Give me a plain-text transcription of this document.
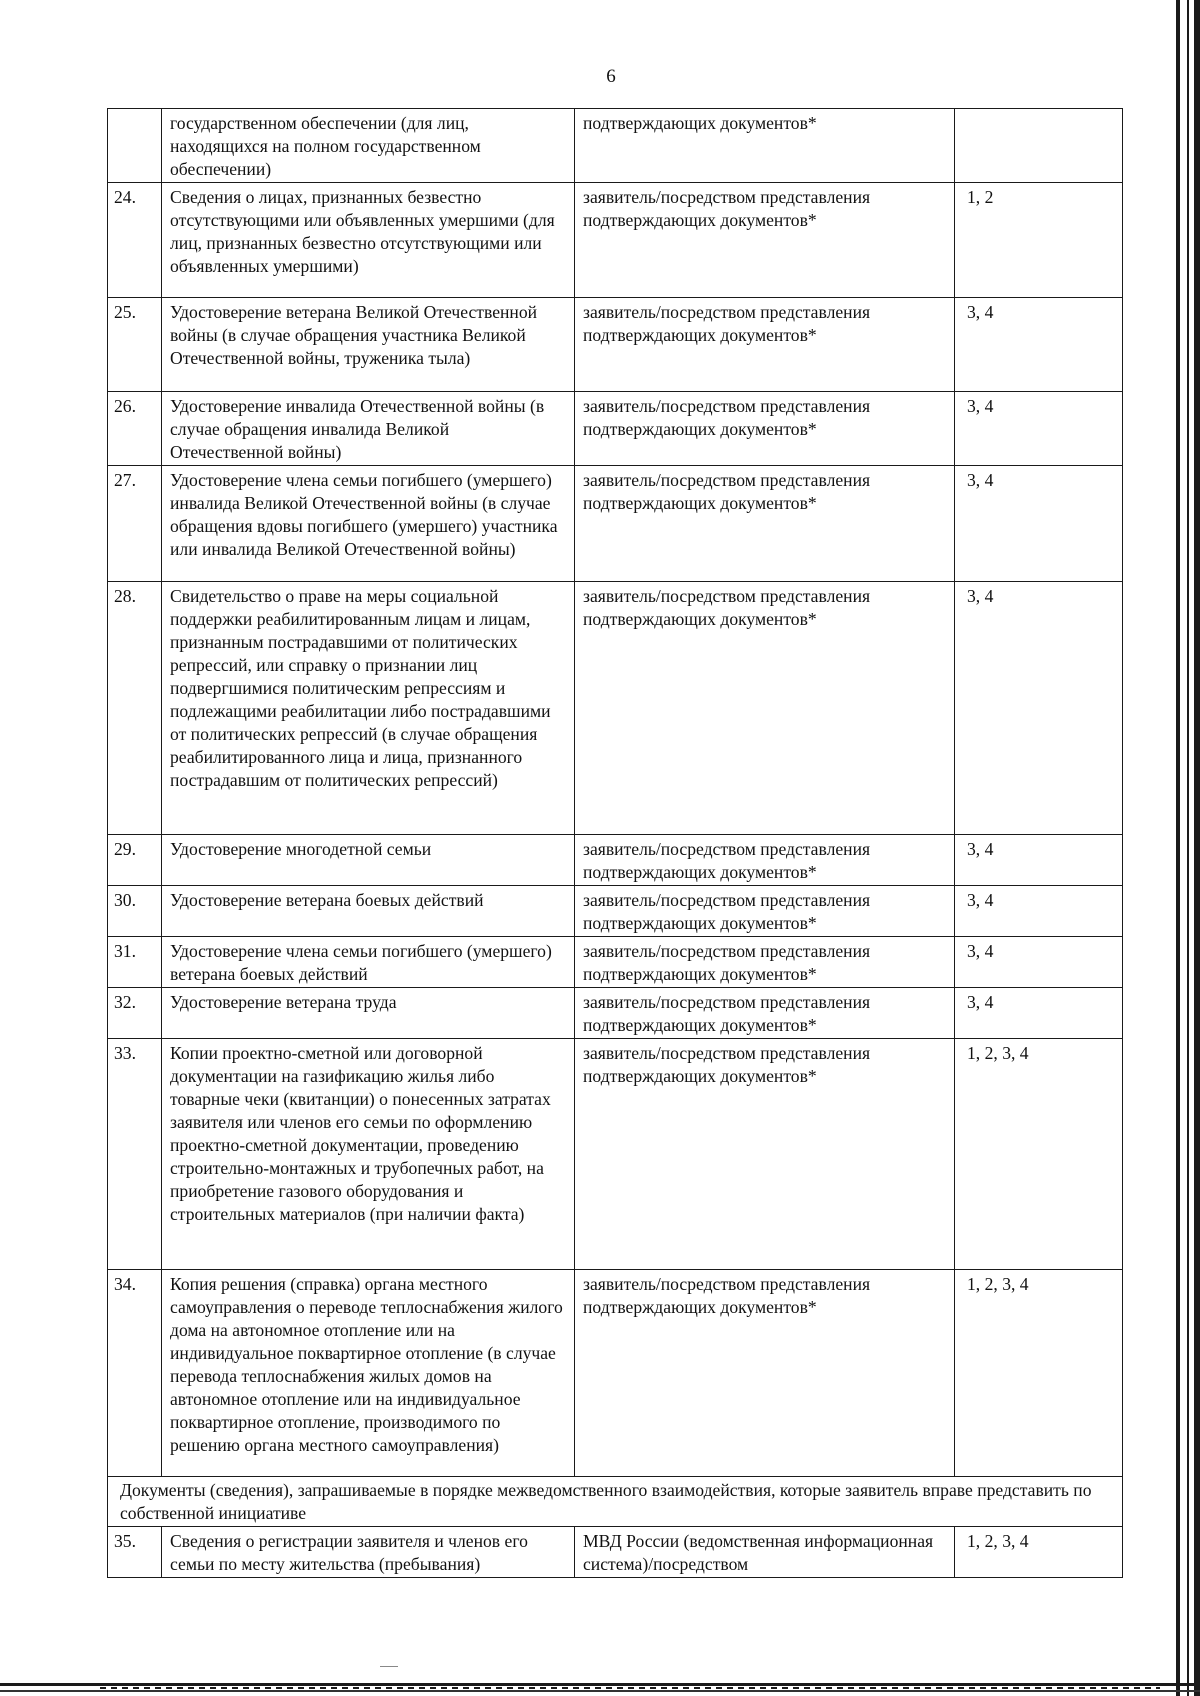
6
	государственном обеспечении (для лиц, находящихся на полном государственном обеспечении)	подтверждающих документов*	
24.	Сведения о лицах, признанных безвестно отсутствующими или объявленных умершими (для лиц, признанных безвестно отсутствующими или объявленных умершими)	заявитель/посредством представления подтверждающих документов*	1, 2
25.	Удостоверение ветерана Великой Отечественной войны (в случае обращения участника Великой Отечественной войны, труженика тыла)	заявитель/посредством представления подтверждающих документов*	3, 4
26.	Удостоверение инвалида Отечественной войны (в случае обращения инвалида Великой Отечественной войны)	заявитель/посредством представления подтверждающих документов*	3, 4
27.	Удостоверение члена семьи погибшего (умершего) инвалида Великой Отечественной войны (в случае обращения вдовы погибшего (умершего) участника или инвалида Великой Отечественной войны)	заявитель/посредством представления подтверждающих документов*	3, 4
28.	Свидетельство о праве на меры социальной поддержки реабилитированным лицам и лицам, признанным пострадавшими от политических репрессий, или справку о признании лиц подвергшимися политическим репрессиям и подлежащими реабилитации либо пострадавшими от политических репрессий (в случае обращения реабилитированного лица и лица, признанного пострадавшим от политических репрессий)	заявитель/посредством представления подтверждающих документов*	3, 4
29.	Удостоверение многодетной семьи	заявитель/посредством представления подтверждающих документов*	3, 4
30.	Удостоверение ветерана боевых действий	заявитель/посредством представления подтверждающих документов*	3, 4
31.	Удостоверение члена семьи погибшего (умершего) ветерана боевых действий	заявитель/посредством представления подтверждающих документов*	3, 4
32.	Удостоверение ветерана труда	заявитель/посредством представления подтверждающих документов*	3, 4
33.	Копии проектно-сметной или договорной документации на газификацию жилья либо товарные чеки (квитанции) о понесенных затратах заявителя или членов его семьи по оформлению проектно-сметной документации, проведению строительно-монтажных и трубопечных работ, на приобретение газового оборудования и строительных материалов (при наличии факта)	заявитель/посредством представления подтверждающих документов*	1, 2, 3, 4
34.	Копия решения (справка) органа местного самоуправления о переводе теплоснабжения жилого дома на автономное отопление или на индивидуальное поквартирное отопление (в случае перевода теплоснабжения жилых домов на автономное отопление или на индивидуальное поквартирное отопление, производимого по решению органа местного самоуправления)	заявитель/посредством представления подтверждающих документов*	1, 2, 3, 4
Документы (сведения), запрашиваемые в порядке межведомственного взаимодействия, которые заявитель вправе представить по собственной инициативе			
35.	Сведения о регистрации заявителя и членов его семьи по месту жительства (пребывания)	МВД России (ведомственная информационная система)/посредством	1, 2, 3, 4
